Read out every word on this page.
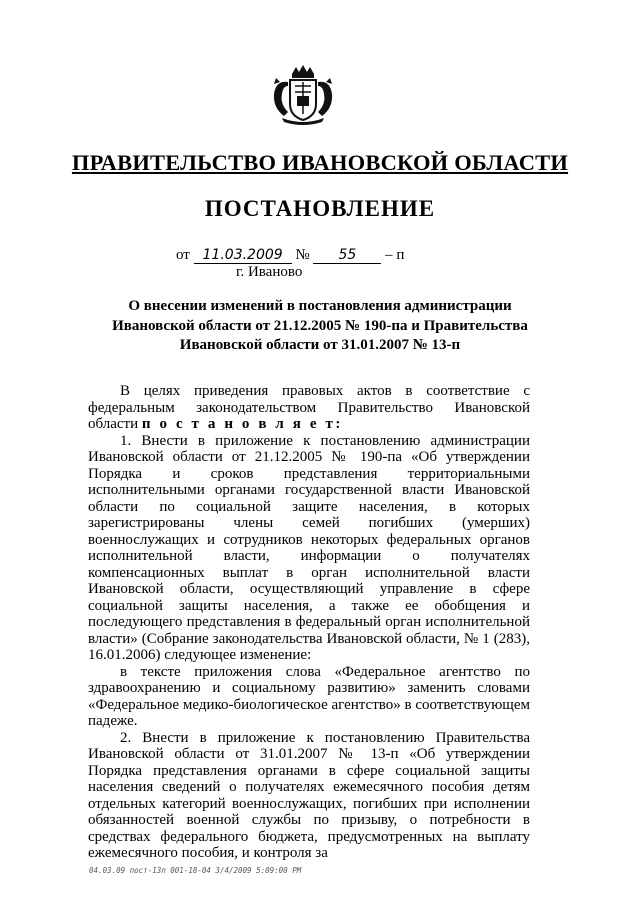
ПРАВИТЕЛЬСТВО ИВАНОВСКОЙ ОБЛАСТИ
ПОСТАНОВЛЕНИЕ
от 11.03.2009 № 55 – п
г. Иваново
О внесении изменений в постановления администрации
Ивановской области от 21.12.2005 № 190-па и Правительства
Ивановской области от 31.01.2007 № 13-п

В целях приведения правовых актов в соответствие с федеральным законодательством Правительство Ивановской области п о с т а н о в л я е т:

1. Внести в приложение к постановлению администрации Ивановской области от 21.12.2005 № 190-па «Об утверждении Порядка и сроков представления территориальными исполнительными органами государственной власти Ивановской области по социальной защите населения, в которых зарегистрированы члены семей погибших (умерших) военнослужащих и сотрудников некоторых федеральных органов исполнительной власти, информации о получателях компенсационных выплат в орган исполнительной власти Ивановской области, осуществляющий управление в сфере социальной защиты населения, а также ее обобщения и последующего представления в федеральный орган исполнительной власти» (Собрание законодательства Ивановской области, № 1 (283), 16.01.2006) следующее изменение:

в тексте приложения слова «Федеральное агентство по здравоохранению и социальному развитию» заменить словами «Федеральное медико-биологическое агентство» в соответствующем падеже.

2. Внести в приложение к постановлению Правительства Ивановской области от 31.01.2007 № 13-п «Об утверждении Порядка представления органами в сфере социальной защиты населения сведений о получателях ежемесячного пособия детям отдельных категорий военнослужащих, погибших при исполнении обязанностей военной службы по призыву, о потребности в средствах федерального бюджета, предусмотренных на выплату ежемесячного пособия, и контроля за

04.03.09 пост-13п 001-18-04 3/4/2009 5:09:00 PM
